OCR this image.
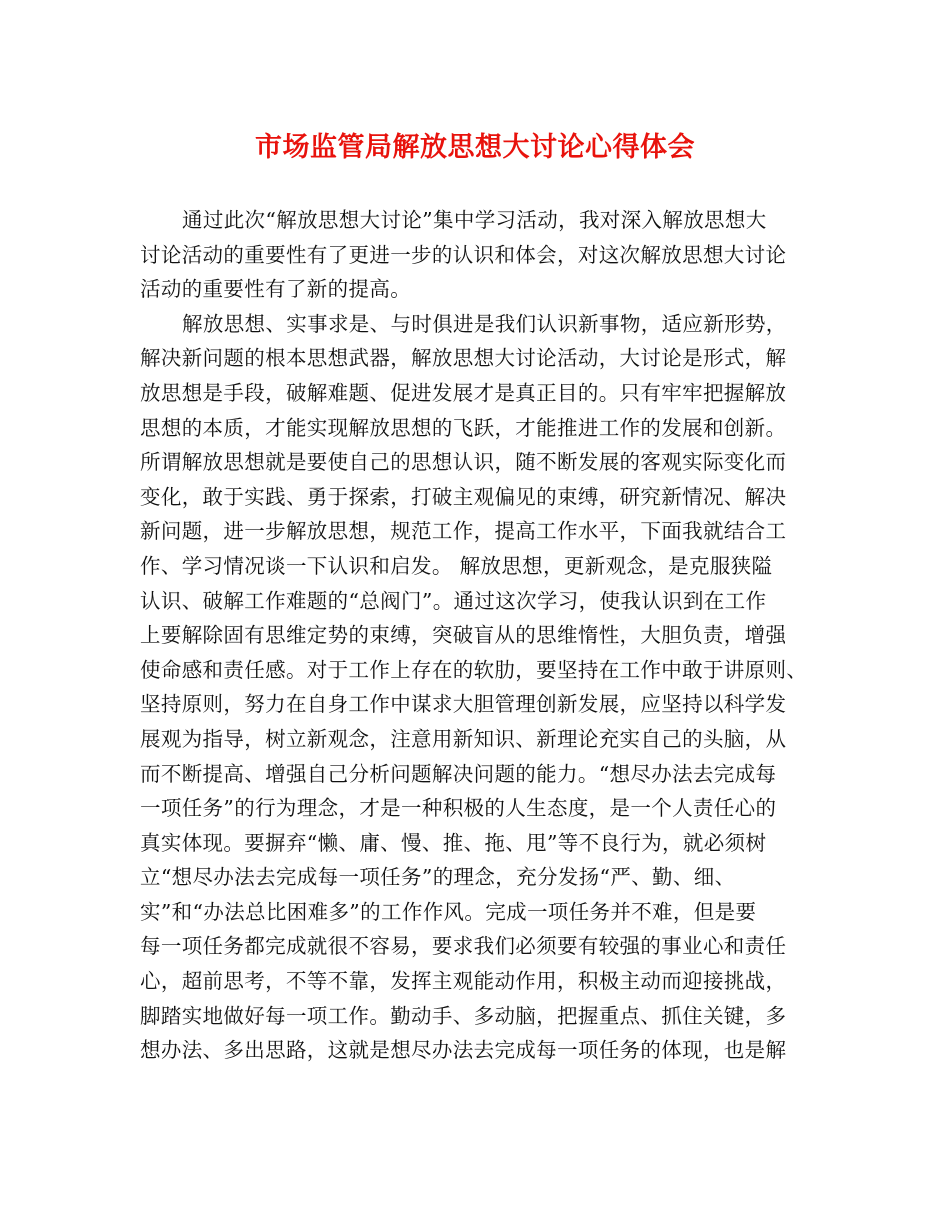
市场监管局解放思想大讨论心得体会
通过此次“解放思想大讨论”集中学习活动，我对深入解放思想大
讨论活动的重要性有了更进一步的认识和体会，对这次解放思想大讨论
活动的重要性有了新的提高。
解放思想、实事求是、与时俱进是我们认识新事物，适应新形势，
解决新问题的根本思想武器，解放思想大讨论活动，大讨论是形式，解
放思想是手段，破解难题、促进发展才是真正目的。只有牢牢把握解放
思想的本质，才能实现解放思想的飞跃，才能推进工作的发展和创新。
所谓解放思想就是要使自己的思想认识，随不断发展的客观实际变化而
变化，敢于实践、勇于探索，打破主观偏见的束缚，研究新情况、解决
新问题，进一步解放思想，规范工作，提高工作水平，下面我就结合工
作、学习情况谈一下认识和启发。 解放思想，更新观念，是克服狭隘
认识、破解工作难题的“总阀门”。通过这次学习，使我认识到在工作
上要解除固有思维定势的束缚，突破盲从的思维惰性，大胆负责，增强
使命感和责任感。对于工作上存在的软肋，要坚持在工作中敢于讲原则、
坚持原则，努力在自身工作中谋求大胆管理创新发展，应坚持以科学发
展观为指导，树立新观念，注意用新知识、新理论充实自己的头脑，从
而不断提高、增强自己分析问题解决问题的能力。“想尽办法去完成每
一项任务”的行为理念，才是一种积极的人生态度，是一个人责任心的
真实体现。要摒弃“懒、庸、慢、推、拖、甩”等不良行为，就必须树
立“想尽办法去完成每一项任务”的理念，充分发扬“严、勤、细、
实”和“办法总比困难多”的工作作风。完成一项任务并不难，但是要
每一项任务都完成就很不容易，要求我们必须要有较强的事业心和责任
心，超前思考，不等不靠，发挥主观能动作用，积极主动而迎接挑战，
脚踏实地做好每一项工作。勤动手、多动脑，把握重点、抓住关键，多
想办法、多出思路，这就是想尽办法去完成每一项任务的体现，也是解
